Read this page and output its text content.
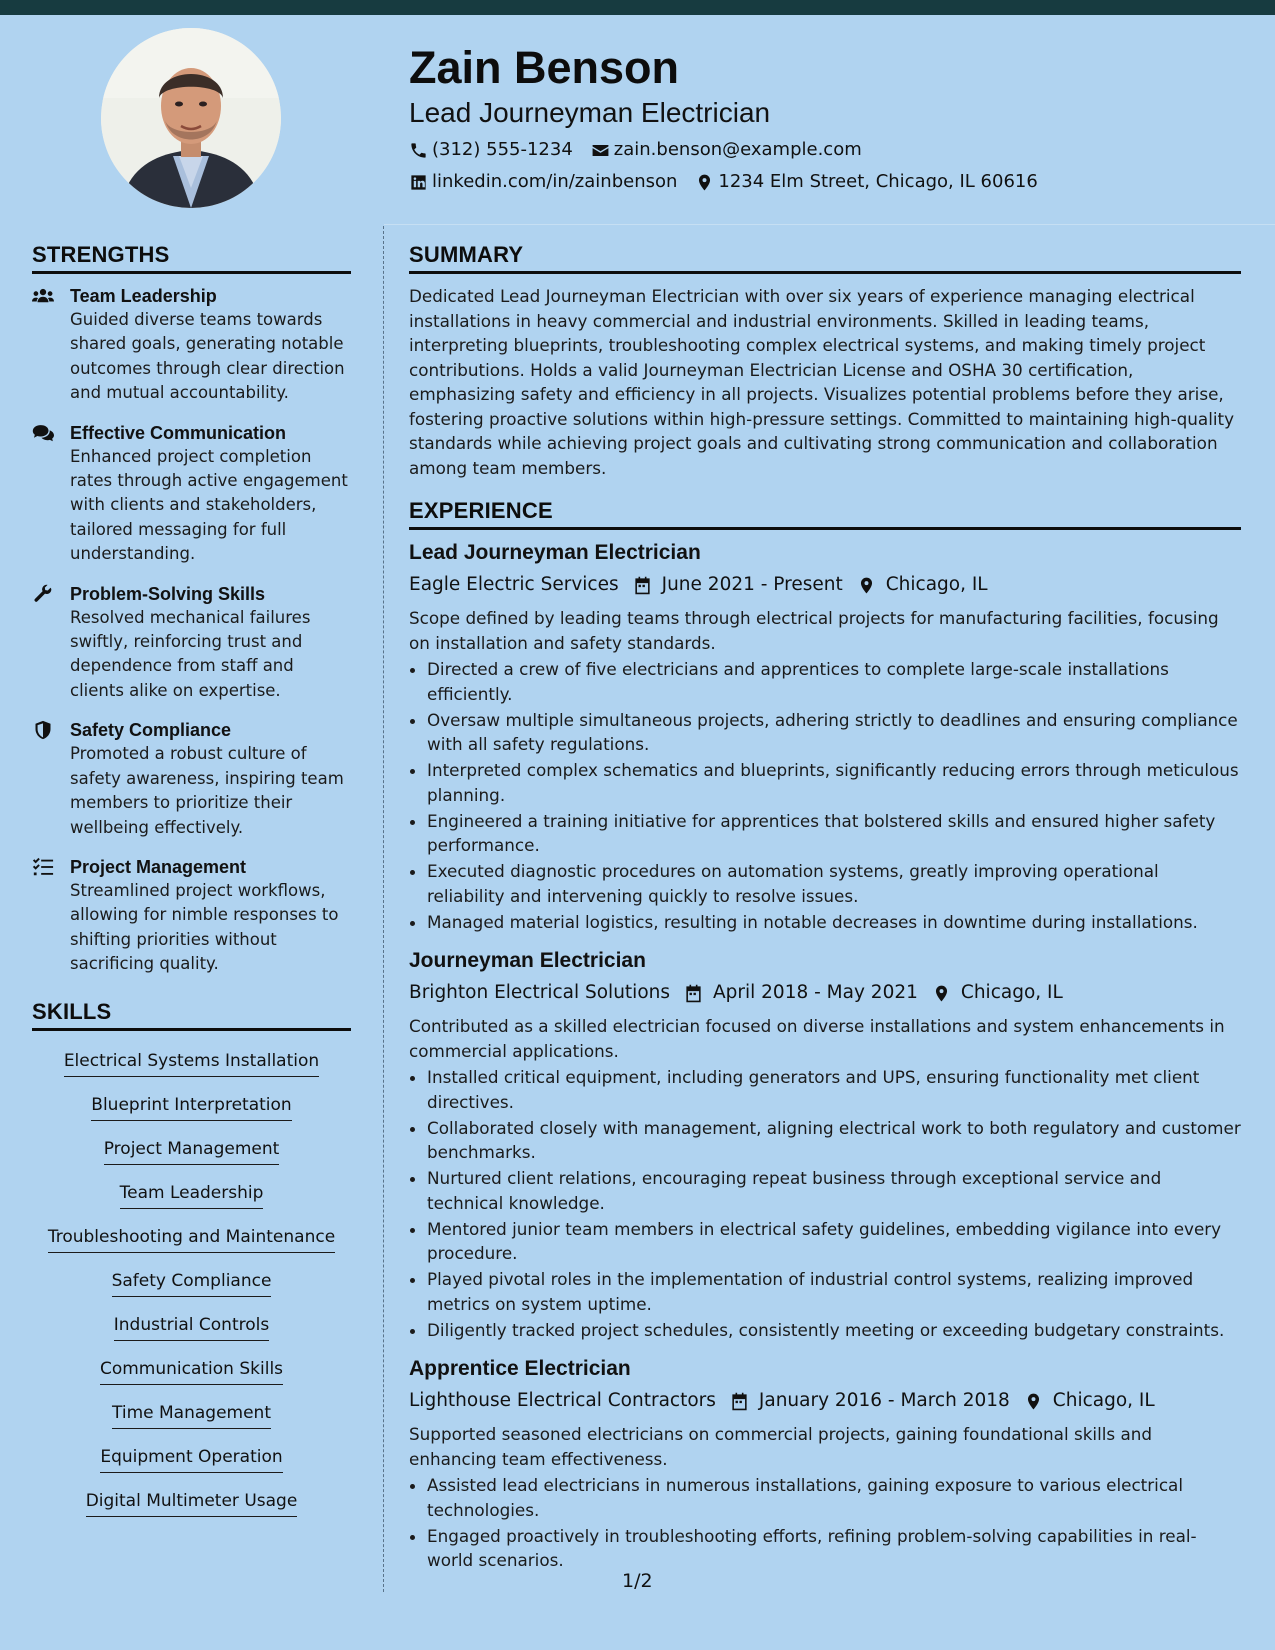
Zain Benson
Lead Journeyman Electrician
(312) 555-1234 zain.benson@example.com
linkedin.com/in/zainbenson 1234 Elm Street, Chicago, IL 60616
STRENGTHS
Team Leadership
Guided diverse teams towards shared goals, generating notable outcomes through clear direction and mutual accountability.
Effective Communication
Enhanced project completion rates through active engagement with clients and stakeholders, tailored messaging for full understanding.
Problem-Solving Skills
Resolved mechanical failures swiftly, reinforcing trust and dependence from staff and clients alike on expertise.
Safety Compliance
Promoted a robust culture of safety awareness, inspiring team members to prioritize their wellbeing effectively.
Project Management
Streamlined project workflows, allowing for nimble responses to shifting priorities without sacrificing quality.
SKILLS
Electrical Systems Installation
Blueprint Interpretation
Project Management
Team Leadership
Troubleshooting and Maintenance
Safety Compliance
Industrial Controls
Communication Skills
Time Management
Equipment Operation
Digital Multimeter Usage
SUMMARY

Dedicated Lead Journeyman Electrician with over six years of experience managing electrical installations in heavy commercial and industrial environments. Skilled in leading teams, interpreting blueprints, troubleshooting complex electrical systems, and making timely project contributions. Holds a valid Journeyman Electrician License and OSHA 30 certification, emphasizing safety and efficiency in all projects. Visualizes potential problems before they arise, fostering proactive solutions within high-pressure settings. Committed to maintaining high-quality standards while achieving project goals and cultivating strong communication and collaboration among team members.

EXPERIENCE
Lead Journeyman Electrician
Eagle Electric Services June 2021 - Present Chicago, IL

Scope defined by leading teams through electrical projects for manufacturing facilities, focusing on installation and safety standards.

• Directed a crew of five electricians and apprentices to complete large-scale installations efficiently.
• Oversaw multiple simultaneous projects, adhering strictly to deadlines and ensuring compliance with all safety regulations.
• Interpreted complex schematics and blueprints, significantly reducing errors through meticulous planning.
• Engineered a training initiative for apprentices that bolstered skills and ensured higher safety performance.
• Executed diagnostic procedures on automation systems, greatly improving operational reliability and intervening quickly to resolve issues.
• Managed material logistics, resulting in notable decreases in downtime during installations.
Journeyman Electrician
Brighton Electrical Solutions April 2018 - May 2021 Chicago, IL

Contributed as a skilled electrician focused on diverse installations and system enhancements in commercial applications.

• Installed critical equipment, including generators and UPS, ensuring functionality met client directives.
• Collaborated closely with management, aligning electrical work to both regulatory and customer benchmarks.
• Nurtured client relations, encouraging repeat business through exceptional service and technical knowledge.
• Mentored junior team members in electrical safety guidelines, embedding vigilance into every procedure.
• Played pivotal roles in the implementation of industrial control systems, realizing improved metrics on system uptime.
• Diligently tracked project schedules, consistently meeting or exceeding budgetary constraints.
Apprentice Electrician
Lighthouse Electrical Contractors January 2016 - March 2018 Chicago, IL

Supported seasoned electricians on commercial projects, gaining foundational skills and enhancing team effectiveness.

• Assisted lead electricians in numerous installations, gaining exposure to various electrical technologies.
• Engaged proactively in troubleshooting efforts, refining problem-solving capabilities in real-world scenarios.
1/2
